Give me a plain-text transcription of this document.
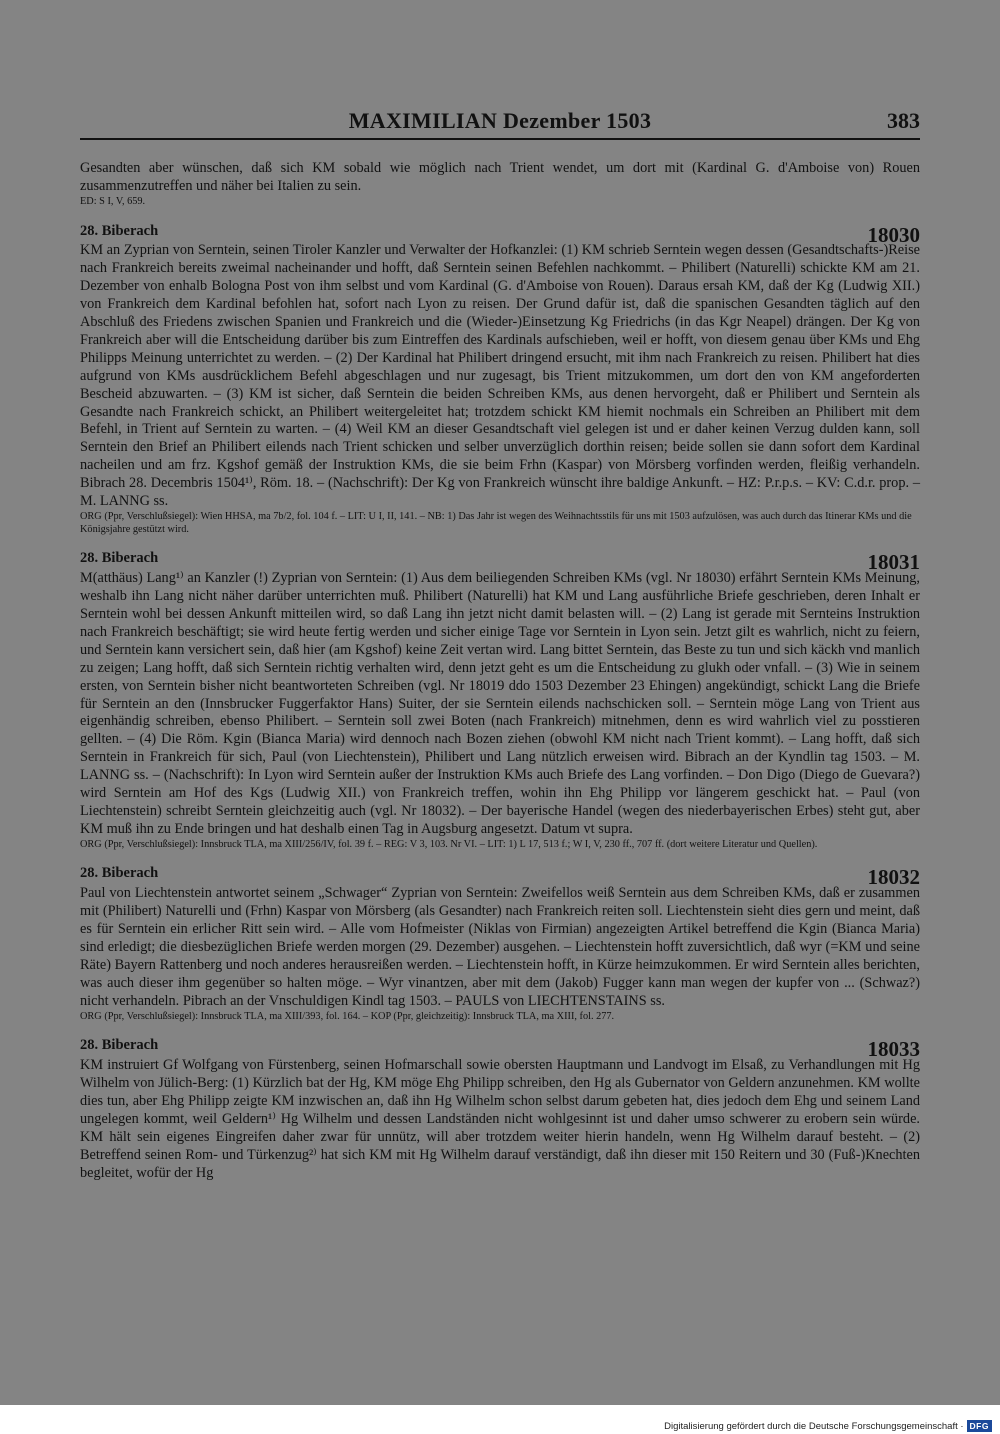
MAXIMILIAN Dezember 1503	383

Gesandten aber wünschen, daß sich KM sobald wie möglich nach Trient wendet, um dort mit (Kardinal G. d'Amboise von) Rouen zusammenzutreffen und näher bei Italien zu sein.

ED: S I, V, 659.

28. Biberach	18030

KM an Zyprian von Serntein, seinen Tiroler Kanzler und Verwalter der Hofkanzlei: (1) KM schrieb Serntein wegen dessen (Gesandtschafts-)Reise nach Frankreich bereits zweimal nacheinander und hofft, daß Serntein seinen Befehlen nachkommt. – Philibert (Naturelli) schickte KM am 21. Dezember von enhalb Bologna Post von ihm selbst und vom Kardinal (G. d'Amboise von Rouen). Daraus ersah KM, daß der Kg (Ludwig XII.) von Frankreich dem Kardinal befohlen hat, sofort nach Lyon zu reisen. Der Grund dafür ist, daß die spanischen Gesandten täglich auf den Abschluß des Friedens zwischen Spanien und Frankreich und die (Wieder-)Einsetzung Kg Friedrichs (in das Kgr Neapel) drängen. Der Kg von Frankreich aber will die Entscheidung darüber bis zum Eintreffen des Kardinals aufschieben, weil er hofft, von diesem genau über KMs und Ehg Philipps Meinung unterrichtet zu werden. – (2) Der Kardinal hat Philibert dringend ersucht, mit ihm nach Frankreich zu reisen. Philibert hat dies aufgrund von KMs ausdrücklichem Befehl abgeschlagen und nur zugesagt, bis Trient mitzukommen, um dort den von KM angeforderten Bescheid abzuwarten. – (3) KM ist sicher, daß Serntein die beiden Schreiben KMs, aus denen hervorgeht, daß er Philibert und Serntein als Gesandte nach Frankreich schickt, an Philibert weitergeleitet hat; trotzdem schickt KM hiemit nochmals ein Schreiben an Philibert mit dem Befehl, in Trient auf Serntein zu warten. – (4) Weil KM an dieser Gesandtschaft viel gelegen ist und er daher keinen Verzug dulden kann, soll Serntein den Brief an Philibert eilends nach Trient schicken und selber unverzüglich dorthin reisen; beide sollen sie dann sofort dem Kardinal nacheilen und am frz. Kgshof gemäß der Instruktion KMs, die sie beim Frhn (Kaspar) von Mörsberg vorfinden werden, fleißig verhandeln. Bibrach 28. Decembris 1504¹⁾, Röm. 18. – (Nachschrift): Der Kg von Frankreich wünscht ihre baldige Ankunft. – HZ: P.r.p.s. – KV: C.d.r. prop. – M. LANNG ss.

ORG (Ppr, Verschlußsiegel): Wien HHSA, ma 7b/2, fol. 104 f. – LIT: U I, II, 141. – NB: 1) Das Jahr ist wegen des Weihnachtsstils für uns mit 1503 aufzulösen, was auch durch das Itinerar KMs und die Königsjahre gestützt wird.

28. Biberach	18031

M(atthäus) Lang¹⁾ an Kanzler (!) Zyprian von Serntein: (1) Aus dem beiliegenden Schreiben KMs (vgl. Nr 18030) erfährt Serntein KMs Meinung, weshalb ihn Lang nicht näher darüber unterrichten muß. Philibert (Naturelli) hat KM und Lang ausführliche Briefe geschrieben, deren Inhalt er Serntein wohl bei dessen Ankunft mitteilen wird, so daß Lang ihn jetzt nicht damit belasten will. – (2) Lang ist gerade mit Sernteins Instruktion nach Frankreich beschäftigt; sie wird heute fertig werden und sicher einige Tage vor Serntein in Lyon sein. Jetzt gilt es wahrlich, nicht zu feiern, und Serntein kann versichert sein, daß hier (am Kgshof) keine Zeit vertan wird. Lang bittet Serntein, das Beste zu tun und sich käckh vnd manlich zu zeigen; Lang hofft, daß sich Serntein richtig verhalten wird, denn jetzt geht es um die Entscheidung zu glukh oder vnfall. – (3) Wie in seinem ersten, von Serntein bisher nicht beantworteten Schreiben (vgl. Nr 18019 ddo 1503 Dezember 23 Ehingen) angekündigt, schickt Lang die Briefe für Serntein an den (Innsbrucker Fuggerfaktor Hans) Suiter, der sie Serntein eilends nachschicken soll. – Serntein möge Lang von Trient aus eigenhändig schreiben, ebenso Philibert. – Serntein soll zwei Boten (nach Frankreich) mitnehmen, denn es wird wahrlich viel zu posstieren gellten. – (4) Die Röm. Kgin (Bianca Maria) wird dennoch nach Bozen ziehen (obwohl KM nicht nach Trient kommt). – Lang hofft, daß sich Serntein in Frankreich für sich, Paul (von Liechtenstein), Philibert und Lang nützlich erweisen wird. Bibrach an der Kyndlin tag 1503. – M. LANNG ss. – (Nachschrift): In Lyon wird Serntein außer der Instruktion KMs auch Briefe des Lang vorfinden. – Don Digo (Diego de Guevara?) wird Serntein am Hof des Kgs (Ludwig XII.) von Frankreich treffen, wohin ihn Ehg Philipp vor längerem geschickt hat. – Paul (von Liechtenstein) schreibt Serntein gleichzeitig auch (vgl. Nr 18032). – Der bayerische Handel (wegen des niederbayerischen Erbes) steht gut, aber KM muß ihn zu Ende bringen und hat deshalb einen Tag in Augsburg angesetzt. Datum vt supra.

ORG (Ppr, Verschlußsiegel): Innsbruck TLA, ma XIII/256/IV, fol. 39 f. – REG: V 3, 103. Nr VI. – LIT: 1) L 17, 513 f.; W I, V, 230 ff., 707 ff. (dort weitere Literatur und Quellen).

28. Biberach	18032

Paul von Liechtenstein antwortet seinem „Schwager“ Zyprian von Serntein: Zweifellos weiß Serntein aus dem Schreiben KMs, daß er zusammen mit (Philibert) Naturelli und (Frhn) Kaspar von Mörsberg (als Gesandter) nach Frankreich reiten soll. Liechtenstein sieht dies gern und meint, daß es für Serntein ein erlicher Ritt sein wird. – Alle vom Hofmeister (Niklas von Firmian) angezeigten Artikel betreffend die Kgin (Bianca Maria) sind erledigt; die diesbezüglichen Briefe werden morgen (29. Dezember) ausgehen. – Liechtenstein hofft zuversichtlich, daß wyr (=KM und seine Räte) Bayern Rattenberg und noch anderes herausreißen werden. – Liechtenstein hofft, in Kürze heimzukommen. Er wird Serntein alles berichten, was auch dieser ihm gegenüber so halten möge. – Wyr vinantzen, aber mit dem (Jakob) Fugger kann man wegen der kupfer von ... (Schwaz?) nicht verhandeln. Pibrach an der Vnschuldigen Kindl tag 1503. – PAULS von LIECHTENSTAINS ss.

ORG (Ppr, Verschlußsiegel): Innsbruck TLA, ma XIII/393, fol. 164. – KOP (Ppr, gleichzeitig): Innsbruck TLA, ma XIII, fol. 277.

28. Biberach	18033

KM instruiert Gf Wolfgang von Fürstenberg, seinen Hofmarschall sowie obersten Hauptmann und Landvogt im Elsaß, zu Verhandlungen mit Hg Wilhelm von Jülich-Berg: (1) Kürzlich bat der Hg, KM möge Ehg Philipp schreiben, den Hg als Gubernator von Geldern anzunehmen. KM wollte dies tun, aber Ehg Philipp zeigte KM inzwischen an, daß ihn Hg Wilhelm schon selbst darum gebeten hat, dies jedoch dem Ehg und seinem Land ungelegen kommt, weil Geldern¹⁾ Hg Wilhelm und dessen Landständen nicht wohlgesinnt ist und daher umso schwerer zu erobern sein würde. KM hält sein eigenes Eingreifen daher zwar für unnütz, will aber trotzdem weiter hierin handeln, wenn Hg Wilhelm darauf besteht. – (2) Betreffend seinen Rom- und Türkenzug²⁾ hat sich KM mit Hg Wilhelm darauf verständigt, daß ihn dieser mit 150 Reitern und 30 (Fuß-)Knechten begleitet, wofür der Hg

Digitalisierung gefördert durch die Deutsche Forschungsgemeinschaft · DFG
